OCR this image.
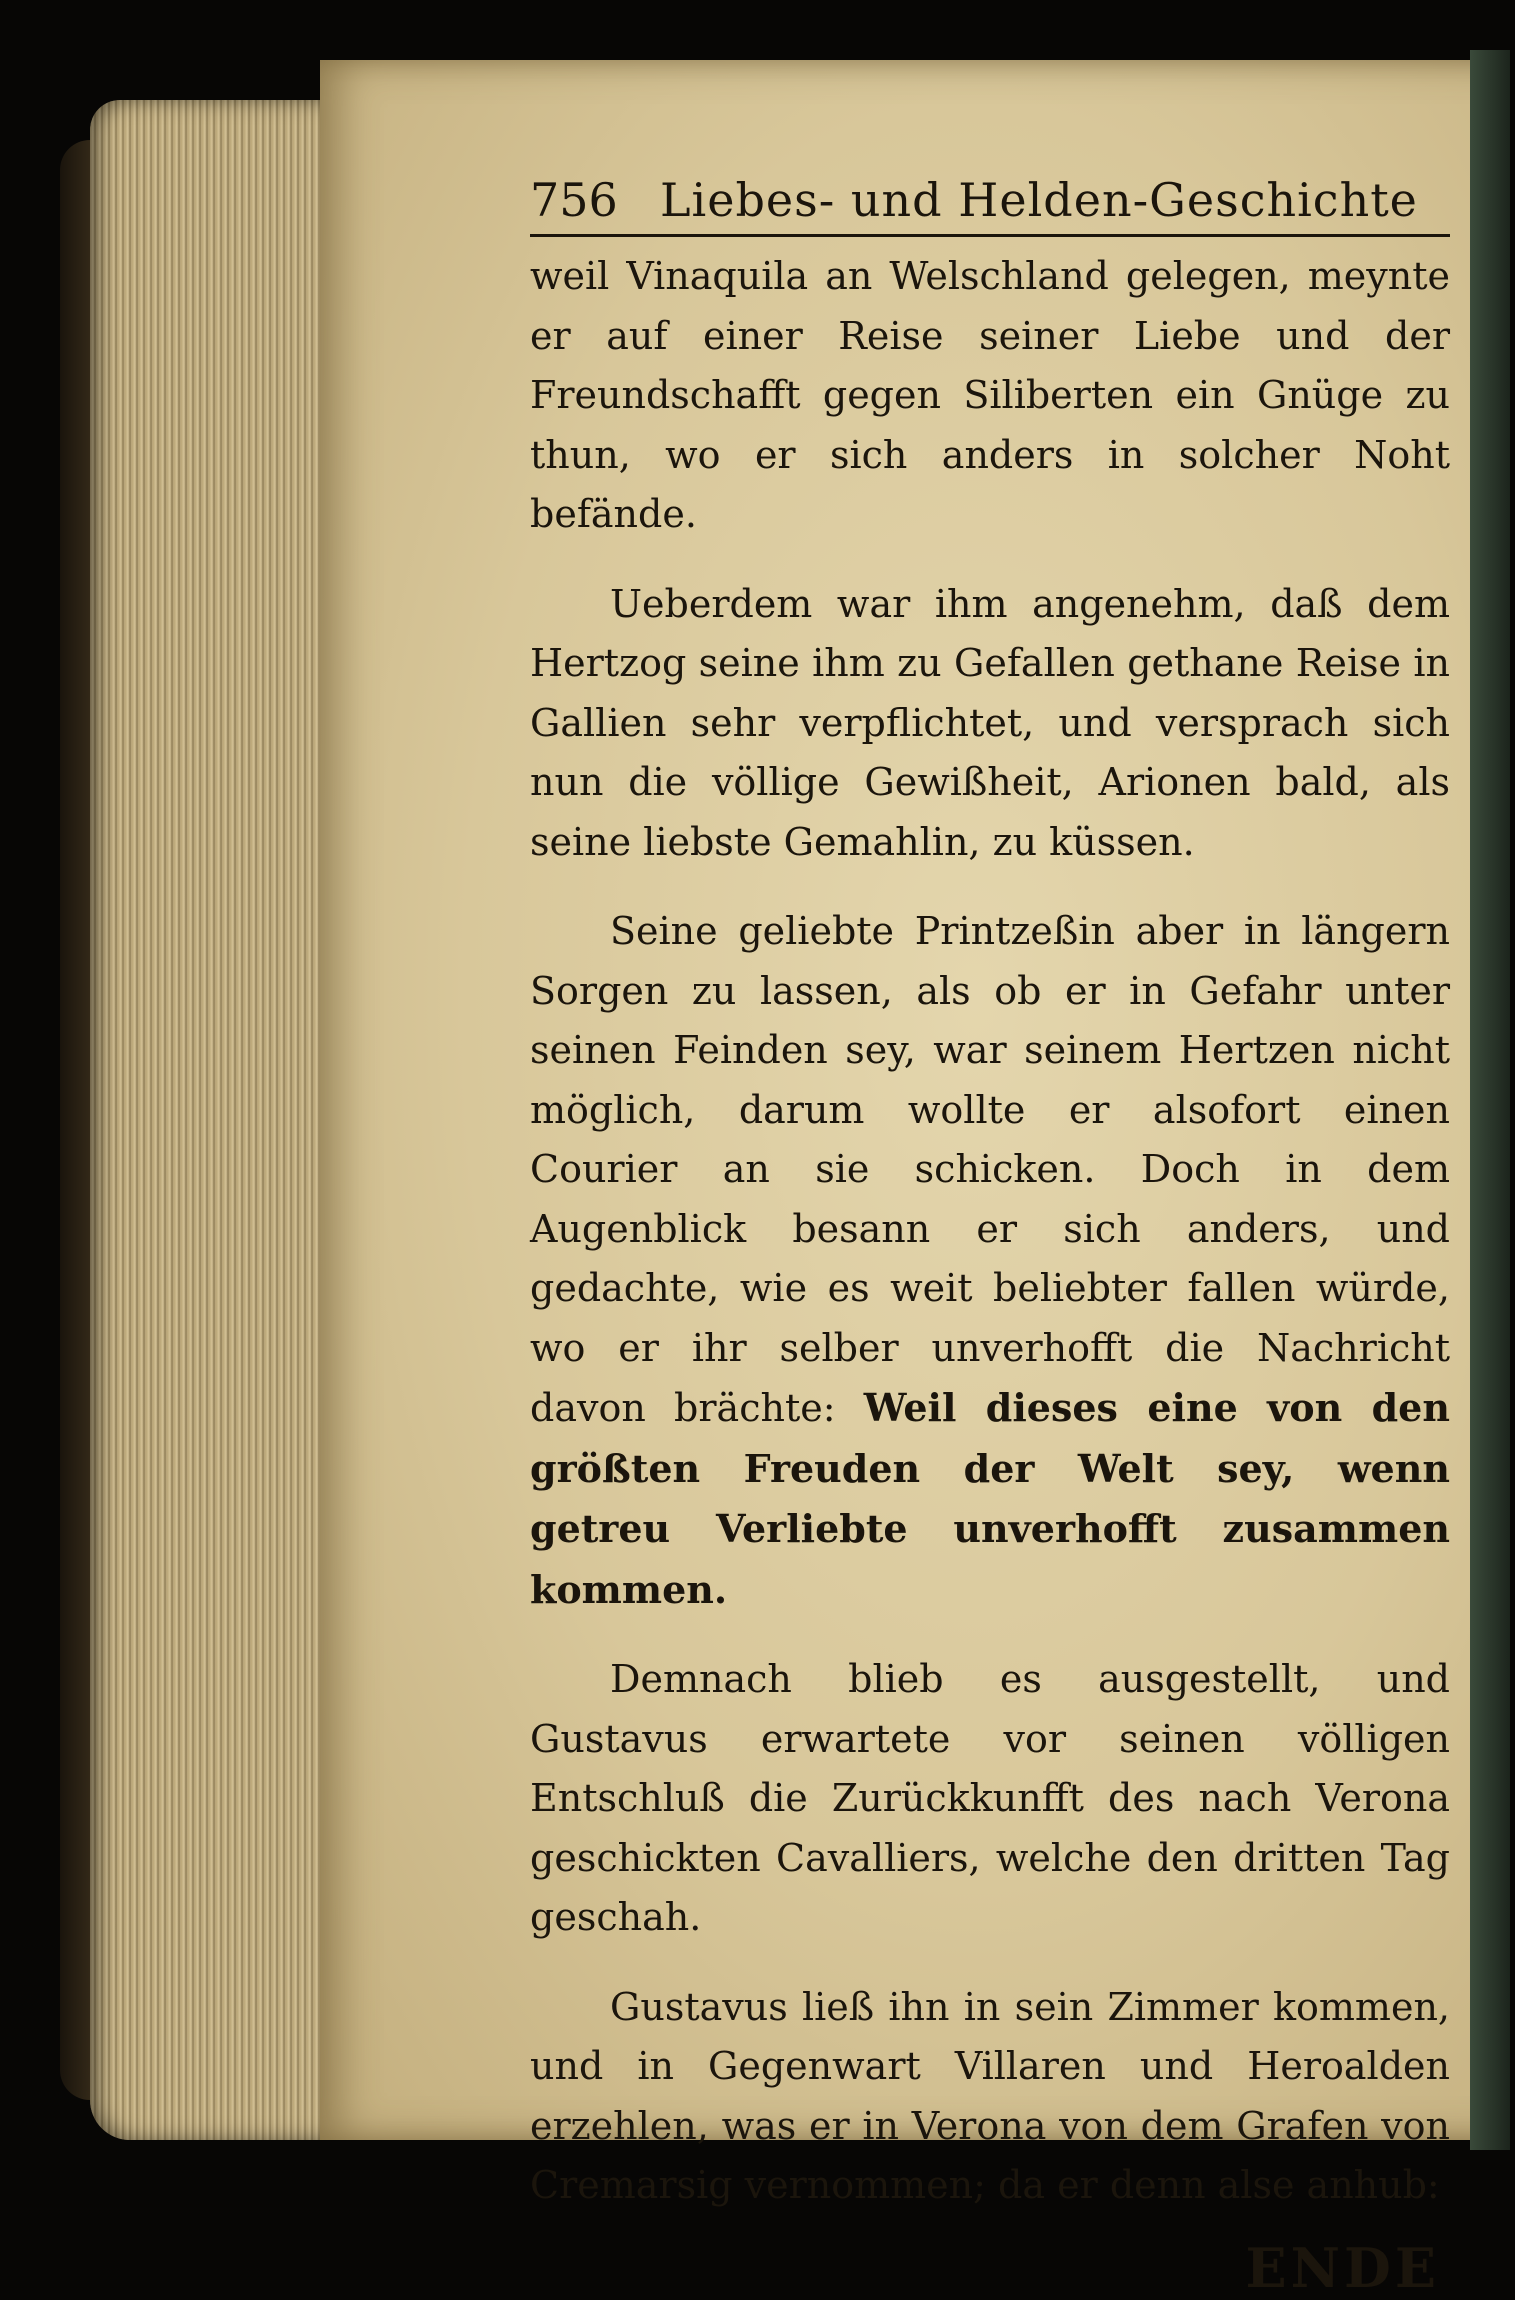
756 Liebes- und Helden-Geschichte

weil Vinaquila an Welschland gelegen, meynte er auf einer Reise seiner Liebe und der Freundschafft gegen Siliberten ein Gnüge zu thun, wo er sich anders in solcher Noht befände.

Ueberdem war ihm angenehm, daß dem Hertzog seine ihm zu Gefallen gethane Reise in Gallien sehr verpflichtet, und versprach sich nun die völlige Gewißheit, Arionen bald, als seine liebste Gemahlin, zu küssen.

Seine geliebte Printzeßin aber in längern Sorgen zu lassen, als ob er in Gefahr unter seinen Feinden sey, war seinem Hertzen nicht möglich, darum wollte er alsofort einen Courier an sie schicken. Doch in dem Augenblick besann er sich anders, und gedachte, wie es weit beliebter fallen würde, wo er ihr selber unverhofft die Nachricht davon brächte: Weil dieses eine von den größten Freuden der Welt sey, wenn getreu Verliebte unverhofft zusammen kommen.

Demnach blieb es ausgestellt, und Gustavus erwartete vor seinen völligen Entschluß die Zurückkunfft des nach Verona geschickten Cavalliers, welche den dritten Tag geschah.

Gustavus ließ ihn in sein Zimmer kommen, und in Gegenwart Villaren und Heroalden erzehlen, was er in Verona von dem Grafen von Cremarsig vernommen; da er denn alse anhub:

ENDE
